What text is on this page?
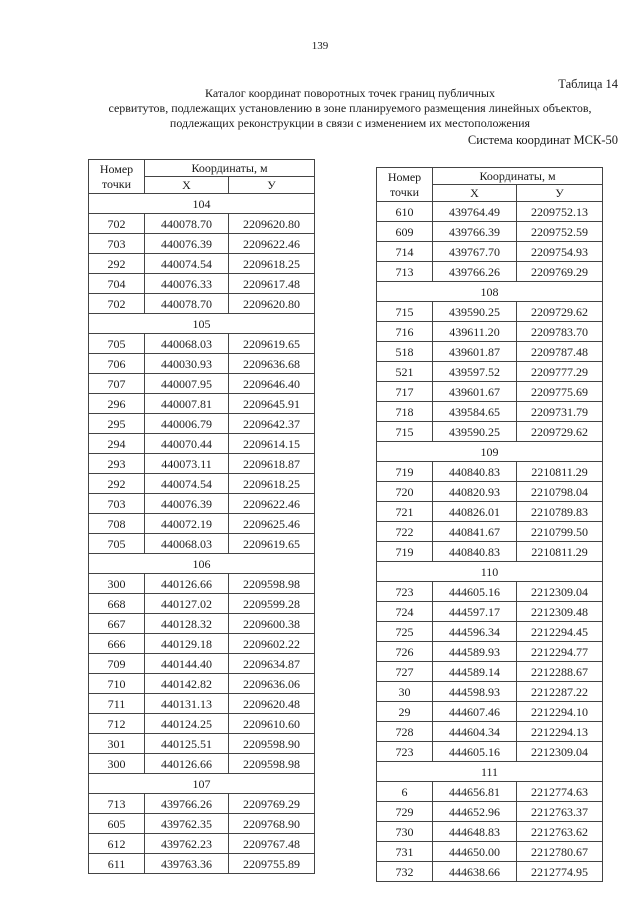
139
Таблица 14
Каталог координат поворотных точек границ публичных
сервитутов, подлежащих установлению в зоне планируемого размещения линейных объектов,
подлежащих реконструкции в связи с изменением их местоположения
Система координат МСК-50
Номер
точки	Координаты, м	
	Х	У
104		
702	440078.70	2209620.80
703	440076.39	2209622.46
292	440074.54	2209618.25
704	440076.33	2209617.48
702	440078.70	2209620.80
105		
705	440068.03	2209619.65
706	440030.93	2209636.68
707	440007.95	2209646.40
296	440007.81	2209645.91
295	440006.79	2209642.37
294	440070.44	2209614.15
293	440073.11	2209618.87
292	440074.54	2209618.25
703	440076.39	2209622.46
708	440072.19	2209625.46
705	440068.03	2209619.65
106		
300	440126.66	2209598.98
668	440127.02	2209599.28
667	440128.32	2209600.38
666	440129.18	2209602.22
709	440144.40	2209634.87
710	440142.82	2209636.06
711	440131.13	2209620.48
712	440124.25	2209610.60
301	440125.51	2209598.90
300	440126.66	2209598.98
107		
713	439766.26	2209769.29
605	439762.35	2209768.90
612	439762.23	2209767.48
611	439763.36	2209755.89
Номер
точки	Координаты, м	
	Х	У
610	439764.49	2209752.13
609	439766.39	2209752.59
714	439767.70	2209754.93
713	439766.26	2209769.29
108		
715	439590.25	2209729.62
716	439611.20	2209783.70
518	439601.87	2209787.48
521	439597.52	2209777.29
717	439601.67	2209775.69
718	439584.65	2209731.79
715	439590.25	2209729.62
109		
719	440840.83	2210811.29
720	440820.93	2210798.04
721	440826.01	2210789.83
722	440841.67	2210799.50
719	440840.83	2210811.29
110		
723	444605.16	2212309.04
724	444597.17	2212309.48
725	444596.34	2212294.45
726	444589.93	2212294.77
727	444589.14	2212288.67
30	444598.93	2212287.22
29	444607.46	2212294.10
728	444604.34	2212294.13
723	444605.16	2212309.04
111		
6	444656.81	2212774.63
729	444652.96	2212763.37
730	444648.83	2212763.62
731	444650.00	2212780.67
732	444638.66	2212774.95
